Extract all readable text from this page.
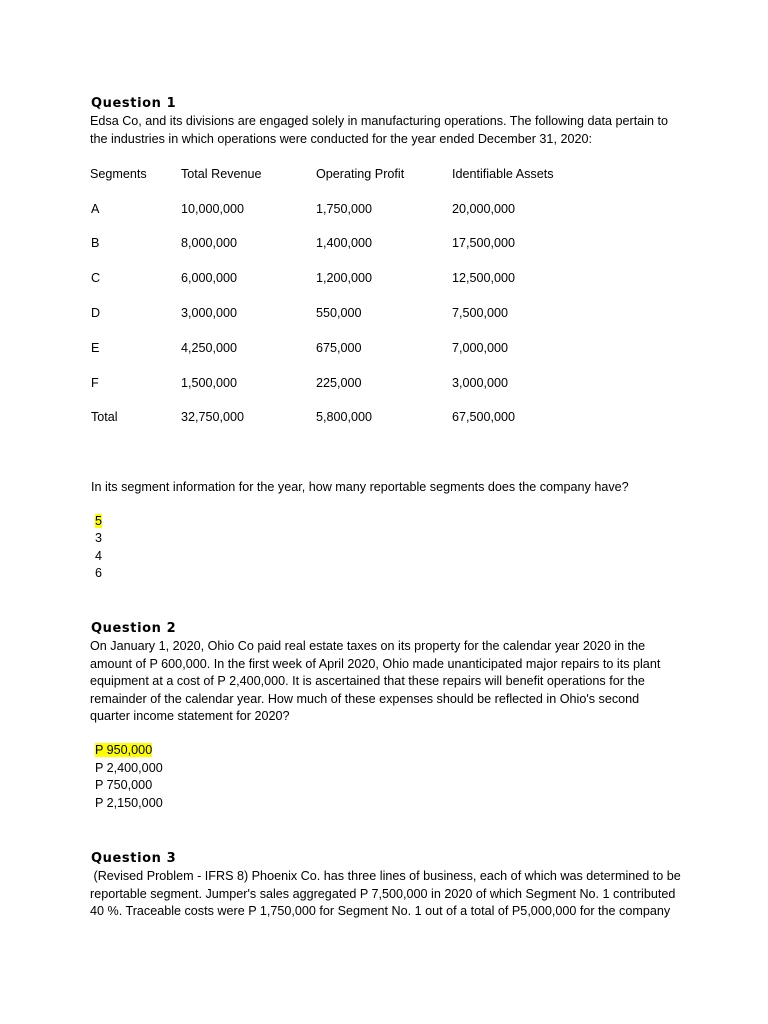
Question 1
Edsa Co, and its divisions are engaged solely in manufacturing operations. The following data pertain to
the industries in which operations were conducted for the year ended December 31, 2020:
Segments	Total Revenue	Operating Profit	Identifiable Assets
A	10,000,000	1,750,000	20,000,000
B	8,000,000	1,400,000	17,500,000
C	6,000,000	1,200,000	12,500,000
D	3,000,000	550,000	7,500,000
E	4,250,000	675,000	7,000,000
F	1,500,000	225,000	3,000,000
Total	32,750,000	5,800,000	67,500,000
In its segment information for the year, how many reportable segments does the company have?
5
3
4
6
Question 2
On January 1, 2020, Ohio Co paid real estate taxes on its property for the calendar year 2020 in the
amount of P 600,000. In the first week of April 2020, Ohio made unanticipated major repairs to its plant
equipment at a cost of P 2,400,000. It is ascertained that these repairs will benefit operations for the
remainder of the calendar year. How much of these expenses should be reflected in Ohio's second
quarter income statement for 2020?
P 950,000
P 2,400,000
P 750,000
P 2,150,000
Question 3
(Revised Problem - IFRS 8) Phoenix Co. has three lines of business, each of which was determined to be
reportable segment. Jumper's sales aggregated P 7,500,000 in 2020 of which Segment No. 1 contributed
40 %. Traceable costs were P 1,750,000 for Segment No. 1 out of a total of P5,000,000 for the company
